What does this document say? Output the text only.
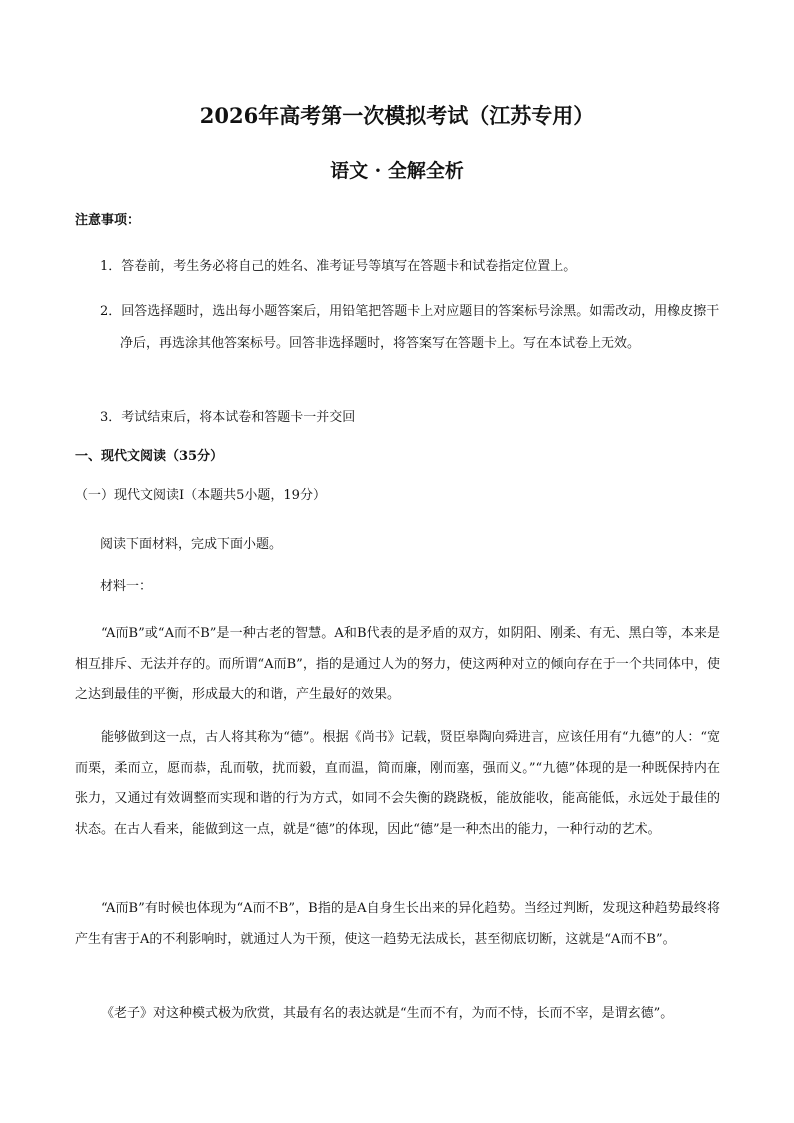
2026年高考第一次模拟考试（江苏专用）
语文 · 全解全析
注意事项：
1．答卷前，考生务必将自己的姓名、准考证号等填写在答题卡和试卷指定位置上。
2．回答选择题时，选出每小题答案后，用铅笔把答题卡上对应题目的答案标号涂黑。如需改动，用橡皮擦干净后，再选涂其他答案标号。回答非选择题时，将答案写在答题卡上。写在本试卷上无效。
3．考试结束后，将本试卷和答题卡一并交回
一、现代文阅读（35分）
（一）现代文阅读Ⅰ（本题共5小题，19分）
阅读下面材料，完成下面小题。
材料一：
“A而B”或“A而不B”是一种古老的智慧。A和B代表的是矛盾的双方，如阴阳、刚柔、有无、黑白等，本来是相互排斥、无法并存的。而所谓“A而B”，指的是通过人为的努力，使这两种对立的倾向存在于一个共同体中，使之达到最佳的平衡，形成最大的和谐，产生最好的效果。
能够做到这一点，古人将其称为“德”。根据《尚书》记载，贤臣皋陶向舜进言，应该任用有“九德”的人：“宽而栗，柔而立，愿而恭，乱而敬，扰而毅，直而温，简而廉，刚而塞，强而义。”“九德”体现的是一种既保持内在张力，又通过有效调整而实现和谐的行为方式，如同不会失衡的跷跷板，能放能收，能高能低，永远处于最佳的状态。在古人看来，能做到这一点，就是“德”的体现，因此“德”是一种杰出的能力，一种行动的艺术。
“A而B”有时候也体现为“A而不B”，B指的是A自身生长出来的异化趋势。当经过判断，发现这种趋势最终将产生有害于A的不利影响时，就通过人为干预，使这一趋势无法成长，甚至彻底切断，这就是“A而不B”。
《老子》对这种模式极为欣赏，其最有名的表达就是“生而不有，为而不恃，长而不宰，是谓玄德”。
